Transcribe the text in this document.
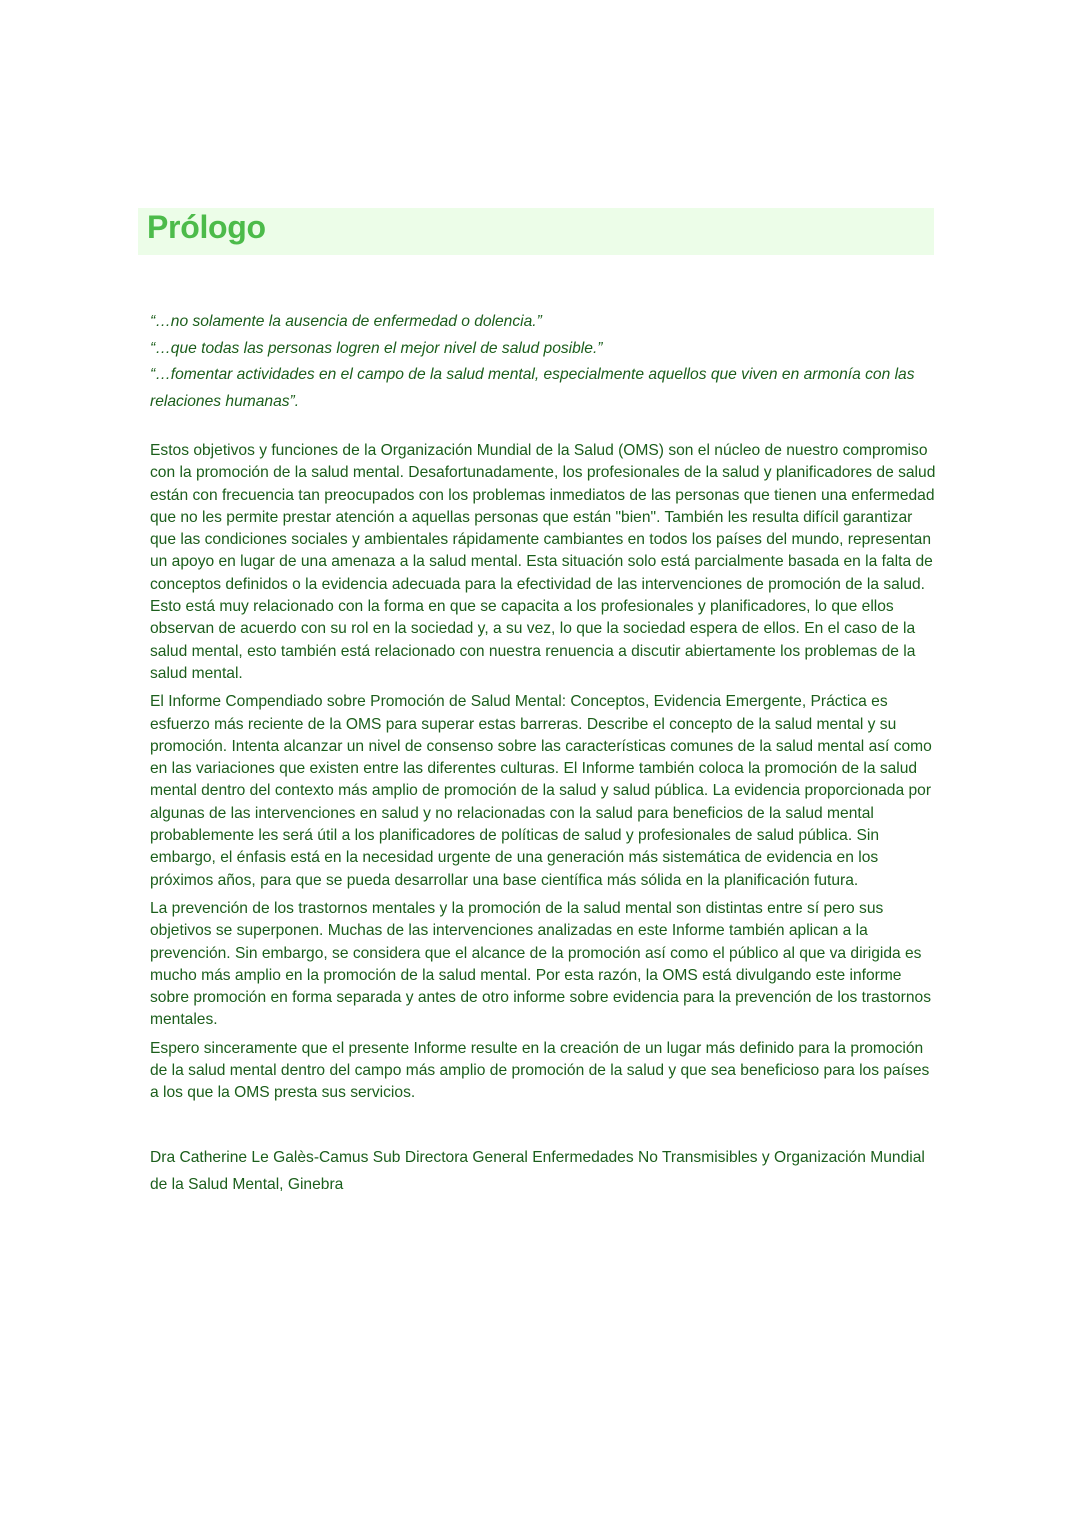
Prólogo
“…no solamente la ausencia de enfermedad o dolencia.”
“…que todas las personas logren el mejor nivel de salud posible.”
“…fomentar actividades en el campo de la salud mental, especialmente aquellos que viven en armonía con las relaciones humanas”.

Estos objetivos y funciones de la Organización Mundial de la Salud (OMS) son el núcleo de nuestro compromiso con la promoción de la salud mental. Desafortunadamente, los profesionales de la salud y planificadores de salud están con frecuencia tan preocupados con los problemas inmediatos de las personas que tienen una enfermedad que no les permite prestar atención a aquellas personas que están "bien". También les resulta difícil garantizar que las condiciones sociales y ambientales rápidamente cambiantes en todos los países del mundo, representan un apoyo en lugar de una amenaza a la salud mental. Esta situación solo está parcialmente basada en la falta de conceptos definidos o la evidencia adecuada para la efectividad de las intervenciones de promoción de la salud. Esto está muy relacionado con la forma en que se capacita a los profesionales y planificadores, lo que ellos observan de acuerdo con su rol en la sociedad y, a su vez, lo que la sociedad espera de ellos. En el caso de la salud mental, esto también está relacionado con nuestra renuencia a discutir abiertamente los problemas de la salud mental.

El Informe Compendiado sobre Promoción de Salud Mental: Conceptos, Evidencia Emergente, Práctica es esfuerzo más reciente de la OMS para superar estas barreras. Describe el concepto de la salud mental y su promoción. Intenta alcanzar un nivel de consenso sobre las características comunes de la salud mental así como en las variaciones que existen entre las diferentes culturas. El Informe también coloca la promoción de la salud mental dentro del contexto más amplio de promoción de la salud y salud pública. La evidencia proporcionada por algunas de las intervenciones en salud y no relacionadas con la salud para beneficios de la salud mental probablemente les será útil a los planificadores de políticas de salud y profesionales de salud pública. Sin embargo, el énfasis está en la necesidad urgente de una generación más sistemática de evidencia en los próximos años, para que se pueda desarrollar una base científica más sólida en la planificación futura.

La prevención de los trastornos mentales y la promoción de la salud mental son distintas entre sí pero sus objetivos se superponen. Muchas de las intervenciones analizadas en este Informe también aplican a la prevención. Sin embargo, se considera que el alcance de la promoción así como el público al que va dirigida es mucho más amplio en la promoción de la salud mental. Por esta razón, la OMS está divulgando este informe sobre promoción en forma separada y antes de otro informe sobre evidencia para la prevención de los trastornos mentales.

Espero sinceramente que el presente Informe resulte en la creación de un lugar más definido para la promoción de la salud mental dentro del campo más amplio de promoción de la salud y que sea beneficioso para los países a los que la OMS presta sus servicios.

Dra Catherine Le Galès-Camus Sub Directora General Enfermedades No Transmisibles y Organización Mundial de la Salud Mental, Ginebra
